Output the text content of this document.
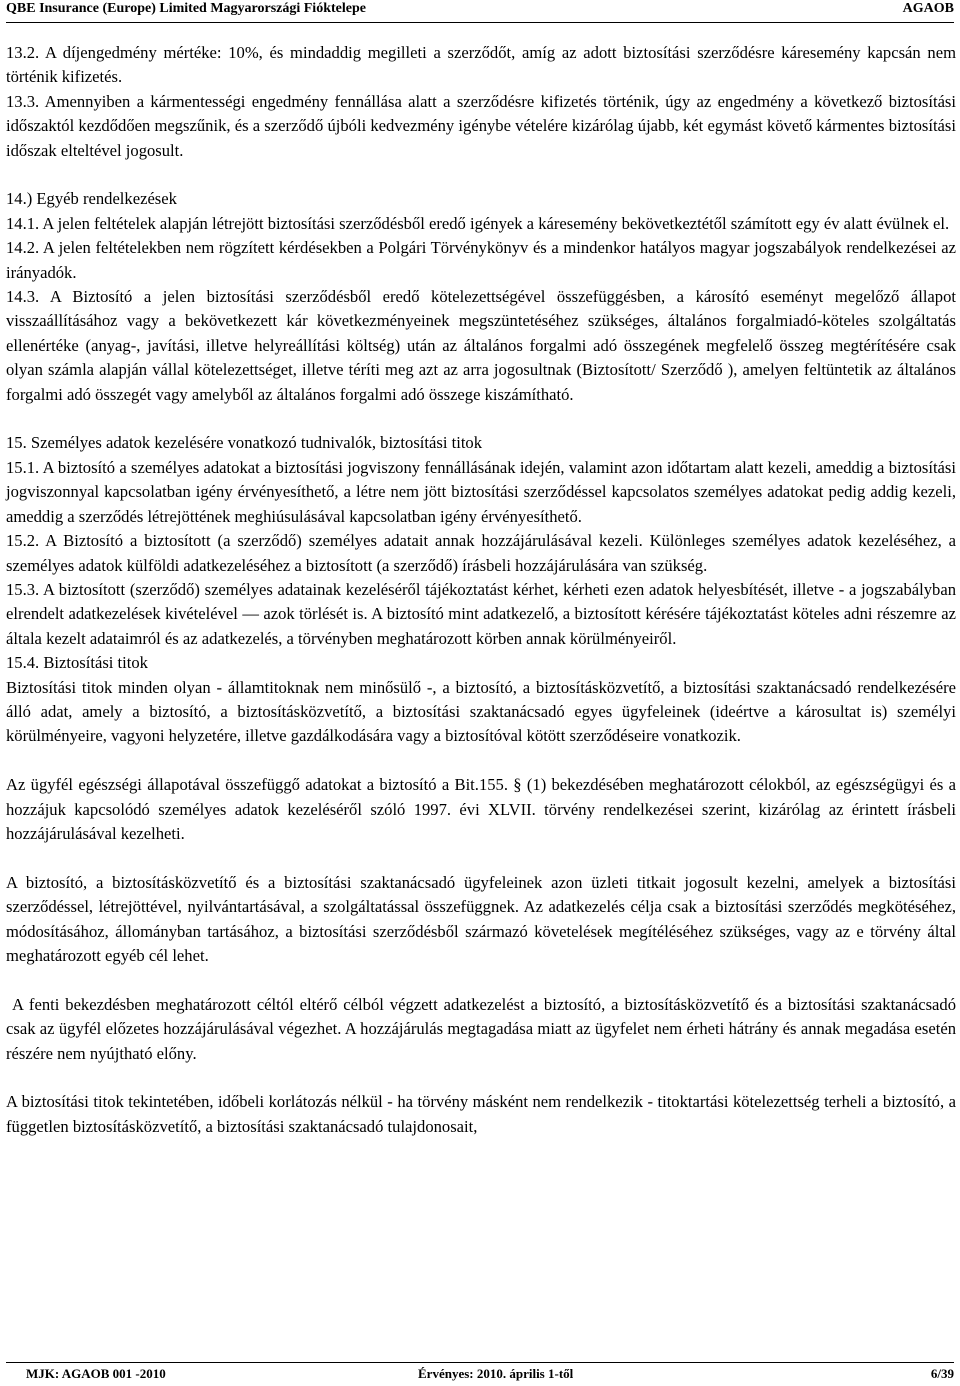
QBE Insurance (Europe) Limited Magyarországi Fióktelepe	AGAOB

13.2. A díjengedmény mértéke: 10%, és mindaddig megilleti a szerződőt, amíg az adott biztosítási szerződésre káresemény kapcsán nem történik kifizetés.

13.3. Amennyiben a kármentességi engedmény fennállása alatt a szerződésre kifizetés történik, úgy az engedmény a következő biztosítási időszaktól kezdődően megszűnik, és a szerződő újbóli kedvezmény igénybe vételére kizárólag újabb, két egymást követő kármentes biztosítási időszak elteltével jogosult.

14.) Egyéb rendelkezések

14.1. A jelen feltételek alapján létrejött biztosítási szerződésből eredő igények a káresemény bekövetkeztétől számított egy év alatt évülnek el.

14.2. A jelen feltételekben nem rögzített kérdésekben a Polgári Törvénykönyv és a mindenkor hatályos magyar jogszabályok rendelkezései az irányadók.

14.3. A Biztosító a jelen biztosítási szerződésből eredő kötelezettségével összefüggésben, a károsító eseményt megelőző állapot visszaállításához vagy a bekövetkezett kár következményeinek megszüntetéséhez szükséges, általános forgalmiadó-köteles szolgáltatás ellenértéke (anyag-, javítási, illetve helyreállítási költség) után az általános forgalmi adó összegének megfelelő összeg megtérítésére csak olyan számla alapján vállal kötelezettséget, illetve téríti meg azt az arra jogosultnak (Biztosított/ Szerződő ), amelyen feltüntetik az általános forgalmi adó összegét vagy amelyből az általános forgalmi adó összege kiszámítható.

15. Személyes adatok kezelésére vonatkozó tudnivalók, biztosítási titok

15.1. A biztosító a személyes adatokat a biztosítási jogviszony fennállásának idején, valamint azon időtartam alatt kezeli, ameddig a biztosítási jogviszonnyal kapcsolatban igény érvényesíthető, a létre nem jött biztosítási szerződéssel kapcsolatos személyes adatokat pedig addig kezeli, ameddig a szerződés létrejöttének meghiúsulásával kapcsolatban igény érvényesíthető.

15.2. A Biztosító a biztosított (a szerződő) személyes adatait annak hozzájárulásával kezeli. Különleges személyes adatok kezeléséhez, a személyes adatok külföldi adatkezeléséhez a biztosított (a szerződő) írásbeli hozzájárulására van szükség.

15.3. A biztosított (szerződő) személyes adatainak kezeléséről tájékoztatást kérhet, kérheti ezen adatok helyesbítését, illetve - a jogszabályban elrendelt adatkezelések kivételével — azok törlését is. A biztosító mint adatkezelő, a biztosított kérésére tájékoztatást köteles adni részemre az általa kezelt adataimról és az adatkezelés, a törvényben meghatározott körben annak körülményeiről.

15.4. Biztosítási titok

Biztosítási titok minden olyan - államtitoknak nem minősülő -, a biztosító, a biztosításközvetítő, a biztosítási szaktanácsadó rendelkezésére álló adat, amely a biztosító, a biztosításközvetítő, a biztosítási szaktanácsadó egyes ügyfeleinek (ideértve a károsultat is) személyi körülményeire, vagyoni helyzetére, illetve gazdálkodására vagy a biztosítóval kötött szerződéseire vonatkozik.

Az ügyfél egészségi állapotával összefüggő adatokat a biztosító a Bit.155. § (1) bekezdésében meghatározott célokból, az egészségügyi és a hozzájuk kapcsolódó személyes adatok kezeléséről szóló 1997. évi XLVII. törvény rendelkezései szerint, kizárólag az érintett írásbeli hozzájárulásával kezelheti.

A biztosító, a biztosításközvetítő és a biztosítási szaktanácsadó ügyfeleinek azon üzleti titkait jogosult kezelni, amelyek a biztosítási szerződéssel, létrejöttével, nyilvántartásával, a szolgáltatással összefüggnek. Az adatkezelés célja csak a biztosítási szerződés megkötéséhez, módosításához, állományban tartásához, a biztosítási szerződésből származó követelések megítéléséhez szükséges, vagy az e törvény által meghatározott egyéb cél lehet.

A fenti bekezdésben meghatározott céltól eltérő célból végzett adatkezelést a biztosító, a biztosításközvetítő és a biztosítási szaktanácsadó csak az ügyfél előzetes hozzájárulásával végezhet. A hozzájárulás megtagadása miatt az ügyfelet nem érheti hátrány és annak megadása esetén részére nem nyújtható előny.

A biztosítási titok tekintetében, időbeli korlátozás nélkül - ha törvény másként nem rendelkezik - titoktartási kötelezettség terheli a biztosító, a független biztosításközvetítő, a biztosítási szaktanácsadó tulajdonosait,

MJK: AGAOB 001 -2010	Érvényes: 2010. április 1-től	6/39
